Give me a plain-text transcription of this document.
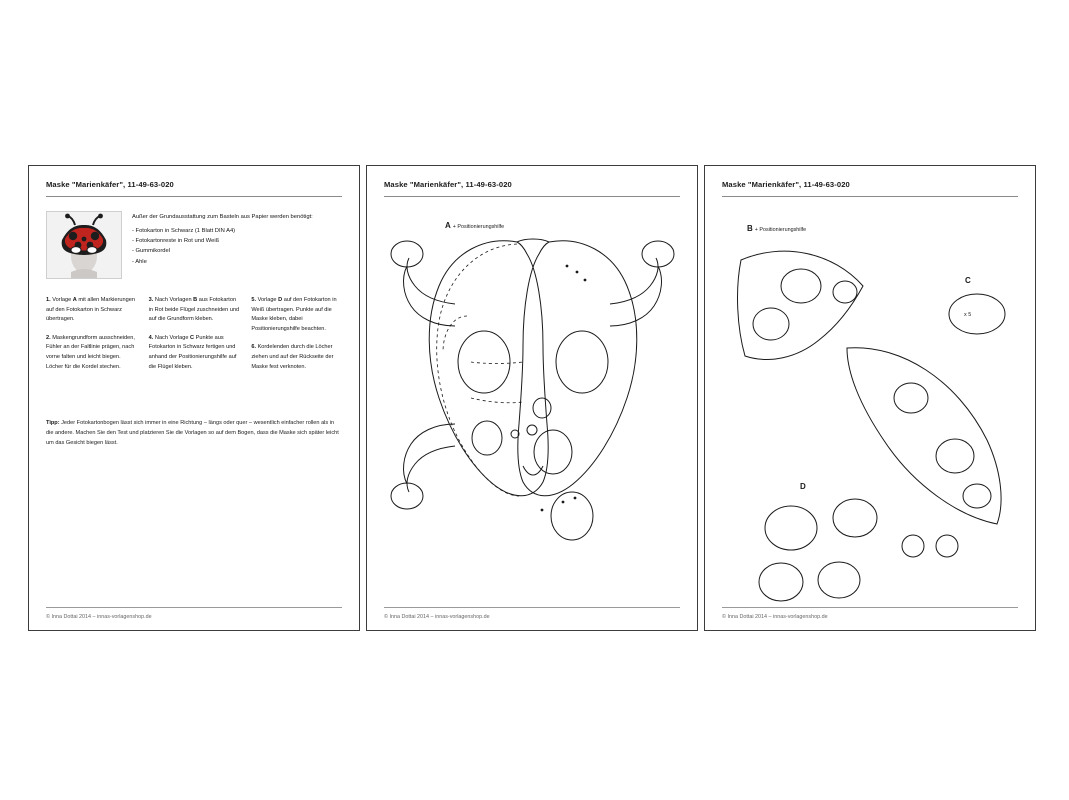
Maske "Marienkäfer", 11-49-63-020
Außer der Grundausstattung zum Basteln aus Papier werden benötigt:
- Fotokarton in Schwarz (1 Blatt DIN A4)
- Fotokartonreste in Rot und Weiß
- Gummikordel
- Ahle

1. Vorlage A mit allen Markierungen auf den Fotokarton in Schwarz übertragen.

2. Maskengrundform ausschneiden, Fühler an der Faltlinie prägen, nach vorne falten und leicht biegen. Löcher für die Kordel stechen.

3. Nach Vorlagen B aus Fotokarton in Rot beide Flügel zuschneiden und auf die Grundform kleben.

4. Nach Vorlage C Punkte aus Fotokarton in Schwarz fertigen und anhand der Positionierungshilfe auf die Flügel kleben.

5. Vorlage D auf den Fotokarton in Weiß übertragen. Punkte auf die Maske kleben, dabei Positionierungshilfe beachten.

6. Kordelenden durch die Löcher ziehen und auf der Rückseite der Maske fest verknoten.

Tipp: Jeder Fotokartonbogen lässt sich immer in eine Richtung – längs oder quer – wesentlich einfacher rollen als in die andere. Machen Sie den Test und platzieren Sie die Vorlagen so auf dem Bogen, dass die Maske sich später leicht um das Gesicht biegen lässt.
© Inna Dottai 2014 – innas-vorlagenshop.de
Maske "Marienkäfer", 11-49-63-020
A + Positionierungshilfe
© Inna Dottai 2014 – innas-vorlagenshop.de
Maske "Marienkäfer", 11-49-63-020
B + Positionierungshilfe
C
x 5
D
© Inna Dottai 2014 – innas-vorlagenshop.de
